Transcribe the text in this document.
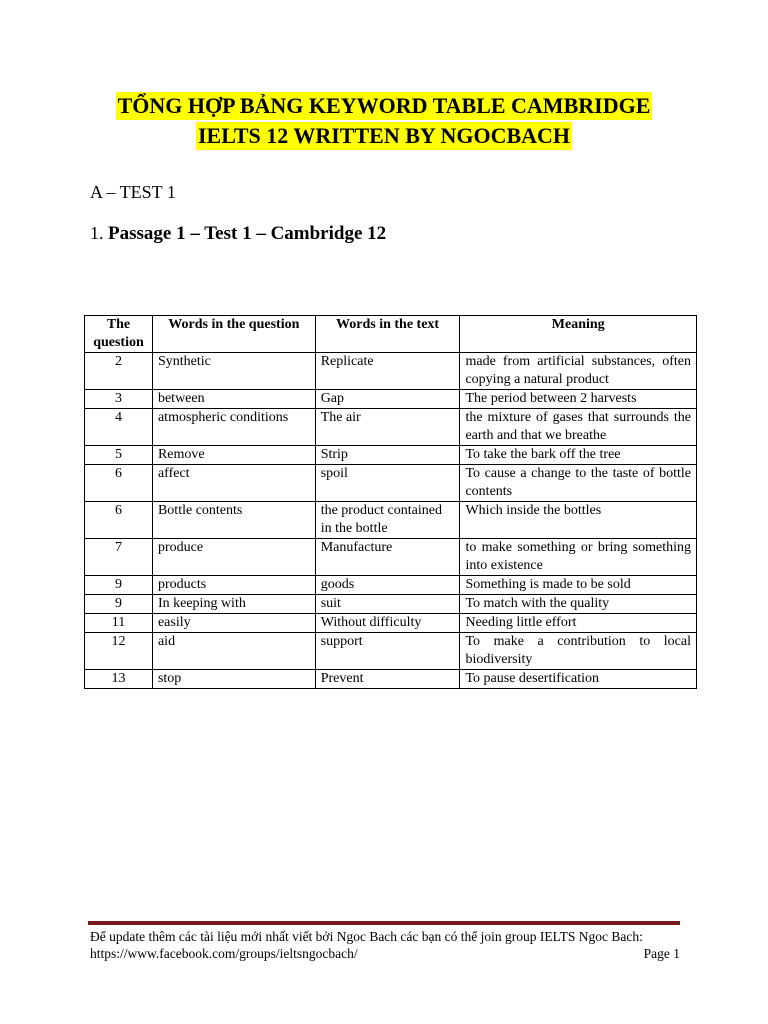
TỔNG HỢP BẢNG KEYWORD TABLE CAMBRIDGE
IELTS 12 WRITTEN BY NGOCBACH
A – TEST 1
1. Passage 1 – Test 1 – Cambridge 12
The question	Words in the question	Words in the text	Meaning
2	Synthetic	Replicate	made from artificial substances, often copying a natural product
3	between	Gap	The period between 2 harvests
4	atmospheric conditions	The air	the mixture of gases that surrounds the earth and that we breathe
5	Remove	Strip	To take the bark off the tree
6	affect	spoil	To cause a change to the taste of bottle contents
6	Bottle contents	the product contained in the bottle	Which inside the bottles
7	produce	Manufacture	to make something or bring something into existence
9	products	goods	Something is made to be sold
9	In keeping with	suit	To match with the quality
11	easily	Without difficulty	Needing little effort
12	aid	support	To make a contribution to local biodiversity
13	stop	Prevent	To pause desertification
Để update thêm các tài liệu mới nhất viết bởi Ngoc Bach các bạn có thể join group IELTS Ngoc Bach:
https://www.facebook.com/groups/ieltsngocbach/	Page 1
